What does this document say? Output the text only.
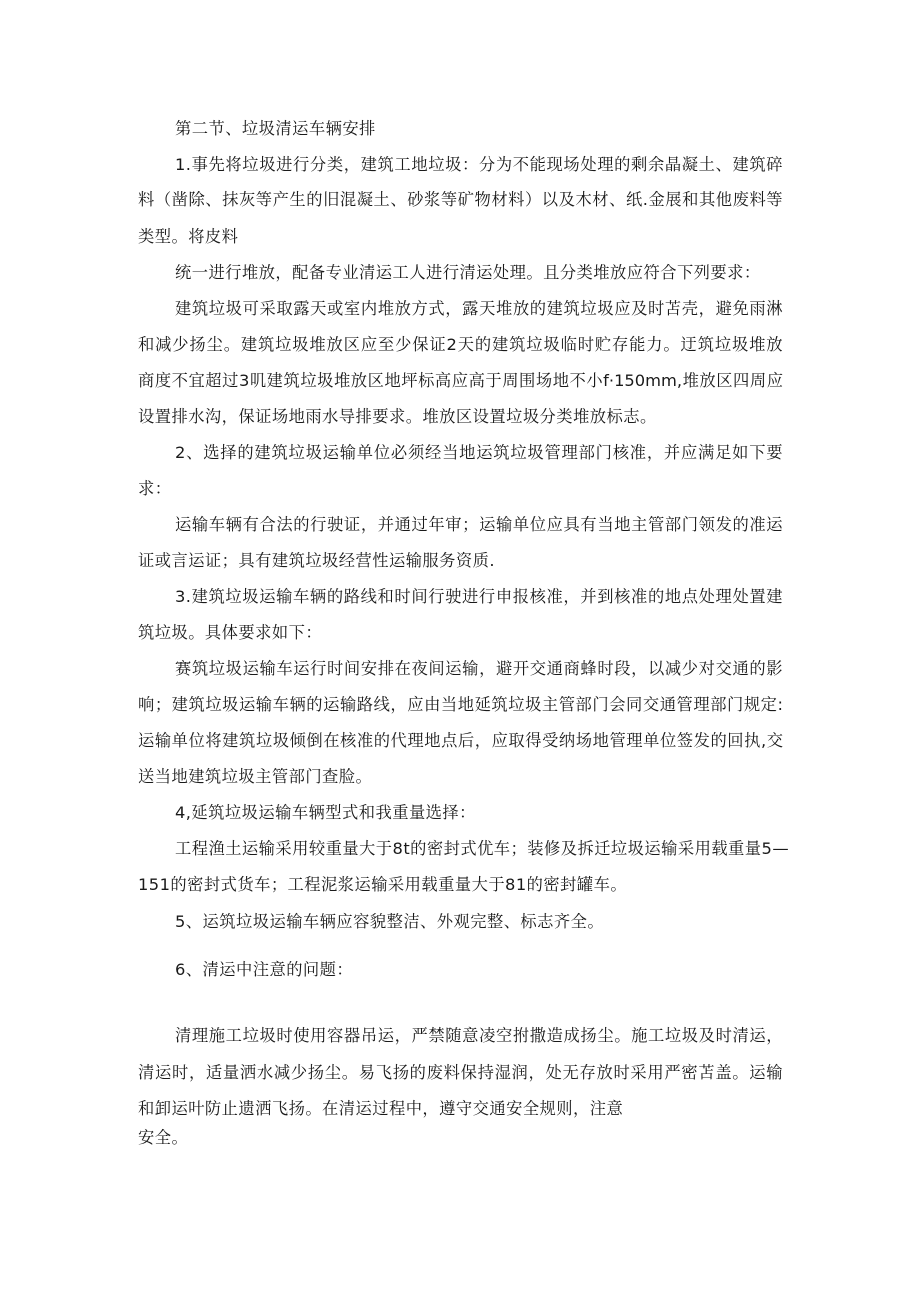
第二节、垃圾清运车辆安排
1.事先将垃圾进行分类，建筑工地垃圾：分为不能现场处理的剩余晶凝土、建筑碎
料（凿除、抹灰等产生的旧混凝土、砂浆等矿物材料）以及木材、纸.金展和其他废料等
类型。将皮料
统一进行堆放，配备专业清运工人进行清运处理。且分类堆放应符合下列要求：
建筑垃圾可采取露天或室内堆放方式，露天堆放的建筑垃圾应及时苫壳，避免雨淋
和减少扬尘。建筑垃圾堆放区应至少保证2天的建筑垃圾临时贮存能力。迂筑垃圾堆放
商度不宜超过3叽建筑垃圾堆放区地坪标高应高于周围场地不小f·150mm,堆放区四周应
设置排水沟，保证场地雨水导排要求。堆放区设置垃圾分类堆放标志。
2、选择的建筑垃圾运输单位必须经当地运筑垃圾管理部门核准，并应满足如下要
求：
运输车辆有合法的行驶证，并通过年审；运输单位应具有当地主管部门领发的准运
证或言运证；具有建筑垃圾经营性运输服务资质.
3.建筑垃圾运输车辆的路线和时间行驶进行申报核准，并到核准的地点处理处置建
筑垃圾。具体要求如下：
赛筑垃圾运输车运行时间安排在夜间运输，避开交通商蜂时段，以减少对交通的影
响；建筑垃圾运输车辆的运输路线，应由当地延筑垃圾主管部门会同交通管理部门规定:
运输单位将建筑垃圾倾倒在核准的代理地点后，应取得受纳场地管理单位签发的回执,交
送当地建筑垃圾主管部门查脸。
4,延筑垃圾运输车辆型式和我重量选择：
工程渔土运输采用较重量大于8t的密封式优车；装修及拆迁垃圾运输采用载重量5—
151的密封式货车；工程泥浆运输采用载重量大于81的密封罐车。
5、运筑垃圾运输车辆应容貌整洁、外观完整、标志齐全。
6、清运中注意的问题：
清理施工垃圾时使用容器吊运，严禁随意凌空拊撒造成扬尘。施工垃圾及时清运，
清运时，适量洒水减少扬尘。易飞扬的废料保持湿润，处无存放时采用严密苫盖。运输
和卸运叶防止遗洒飞扬。在清运过程中，遵守交通安全规则，注意
安全。
